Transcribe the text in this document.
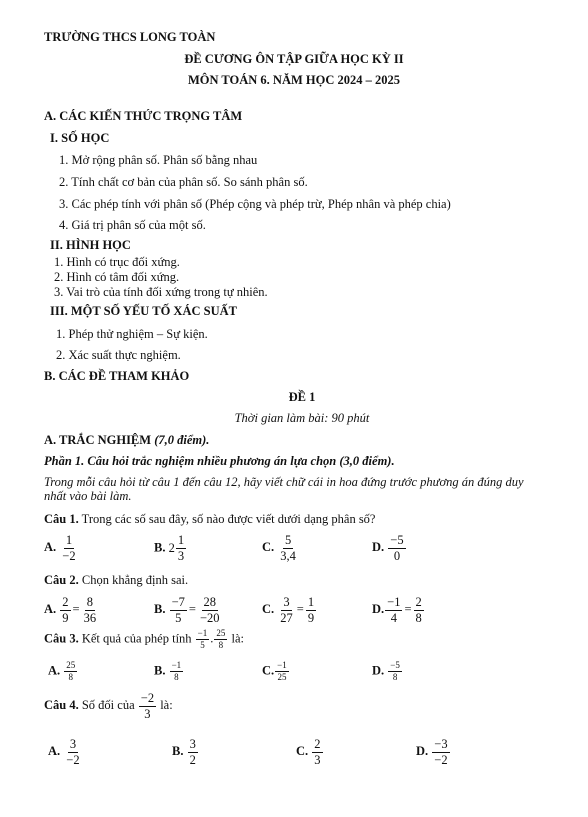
TRƯỜNG THCS LONG TOÀN
ĐỀ CƯƠNG ÔN TẬP GIỮA HỌC KỲ II
MÔN TOÁN 6. NĂM HỌC 2024 – 2025
A. CÁC KIẾN THỨC TRỌNG TÂM
I. SỐ HỌC
1. Mở rộng phân số. Phân số bằng nhau
2. Tính chất cơ bản của phân số. So sánh phân số.
3. Các phép tính với phân số (Phép cộng và phép trừ, Phép nhân và phép chia)
4. Giá trị phân số của một số.
II. HÌNH HỌC
1. Hình có trục đối xứng.
2. Hình có tâm đối xứng.
3. Vai trò của tính đối xứng trong tự nhiên.
III. MỘT SỐ YẾU TỐ XÁC SUẤT
1. Phép thử nghiệm – Sự kiện.
2. Xác suất thực nghiệm.
B. CÁC ĐỀ THAM KHẢO
ĐỀ 1
Thời gian làm bài: 90 phút
A. TRẮC NGHIỆM (7,0 điểm).
Phần 1. Câu hỏi trắc nghiệm nhiều phương án lựa chọn (3,0 điểm).
Trong mỗi câu hỏi từ câu 1 đến câu 12, hãy viết chữ cái in hoa đứng trước phương án đúng duy
nhất vào bài làm.
Câu 1. Trong các số sau đây, số nào được viết dưới dạng phân số?
A. $\frac{1}{-2}$	B. $2 \frac{1}{3}$	C. $\frac{5}{3,4}$	D. $\frac{-5}{0}$
Câu 2. Chọn khẳng định sai.
A. $\frac{2}{9} = \frac{8}{36}$	B. $\frac{-7}{5} = \frac{28}{-20}$	C. $\frac{3}{27} = \frac{1}{9}$	D. $\frac{-1}{4} = \frac{2}{8}$
Câu 3. Kết quả của phép tính $\frac{-1}{5}$ . $\frac{25}{8}$ là:
A. $\frac{25}{8}$	B. $\frac{-1}{8}$	C. $\frac{-1}{25}$	D. $\frac{-5}{8}$
Câu 4. Số đối của $\frac{-2}{3}$ là:
A. $\frac{3}{-2}$	B. $\frac{3}{2}$	C. $\frac{2}{3}$	D. $\frac{-3}{-2}$
